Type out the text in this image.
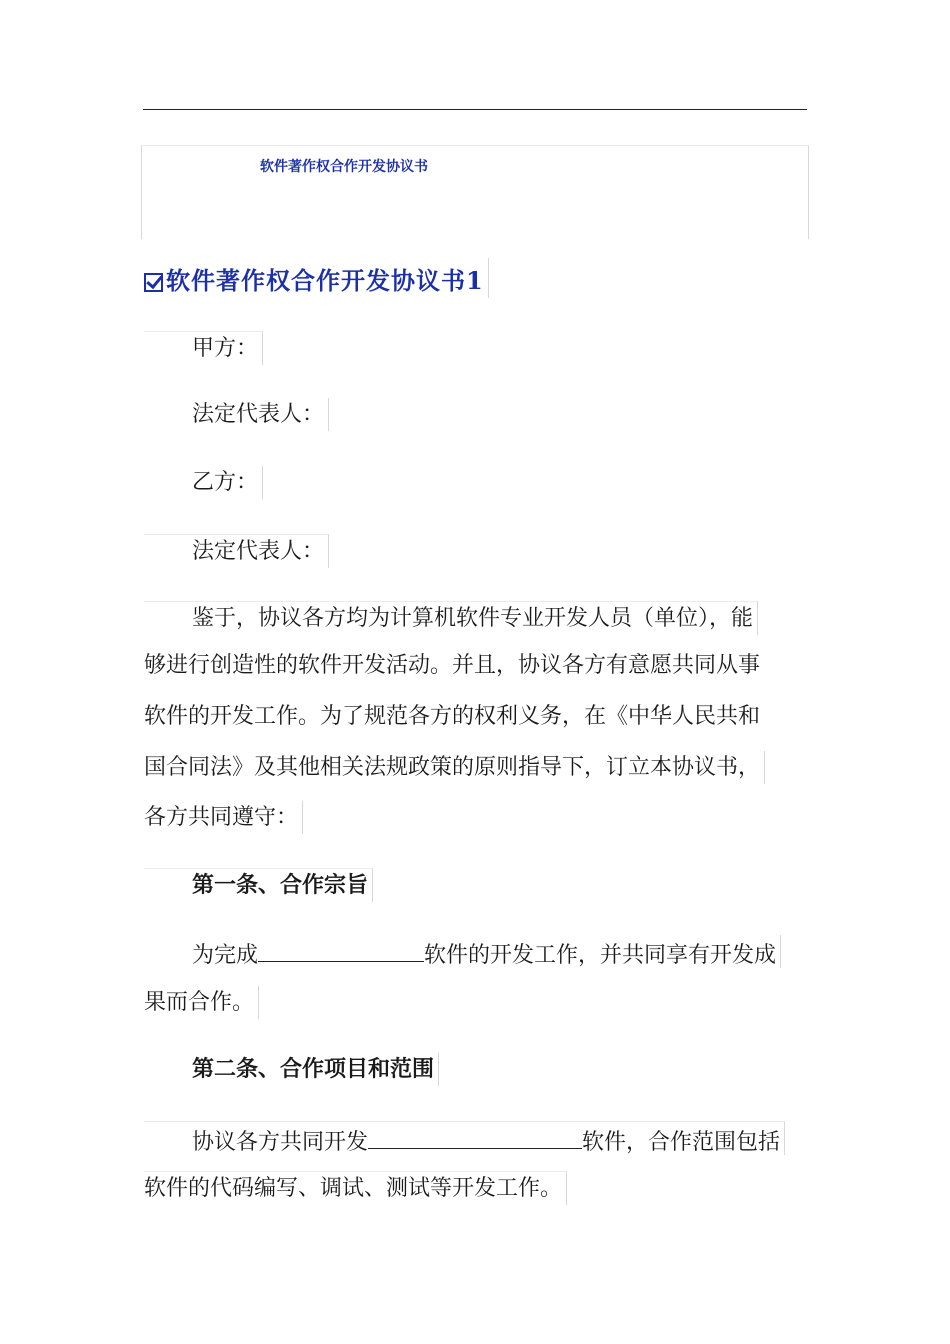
软件著作权合作开发协议书
软件著作权合作开发协议书1
甲方：
法定代表人：
乙方：
法定代表人：
鉴于，协议各方均为计算机软件专业开发人员（单位），能
够进行创造性的软件开发活动。并且，协议各方有意愿共同从事
软件的开发工作。为了规范各方的权利义务，在《中华人民共和
国合同法》及其他相关法规政策的原则指导下，订立本协议书，
各方共同遵守：
第一条、合作宗旨
为完成	软件的开发工作，并共同享有开发成
果而合作。
第二条、合作项目和范围
协议各方共同开发	软件，合作范围包括
软件的代码编写、调试、测试等开发工作。
